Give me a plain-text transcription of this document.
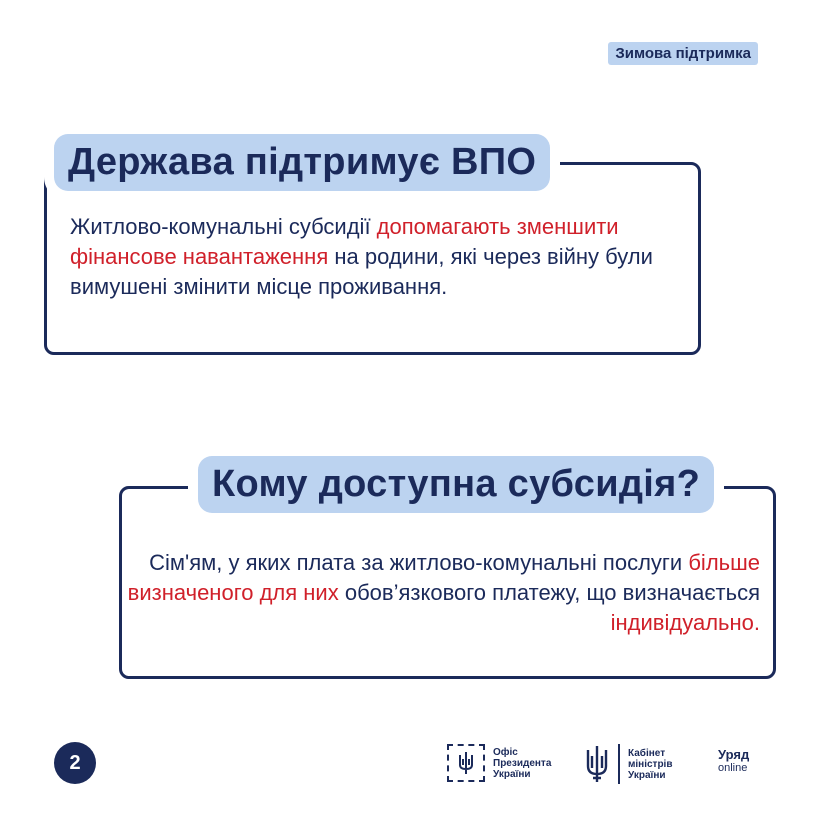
Зимова підтримка
Держава підтримує ВПО
Житлово-комунальні субсидії допомагають зменшити фінансове навантаження на родини, які через війну були вимушені змінити місце проживання.
Кому доступна субсидія?
Сім'ям, у яких плата за житлово-комунальні послуги більше визначеного для них обов’язкового платежу, що визначається індивідуально.
2	Офіс
Президента
України
Кабінет
міністрів
України
Уряд
online
